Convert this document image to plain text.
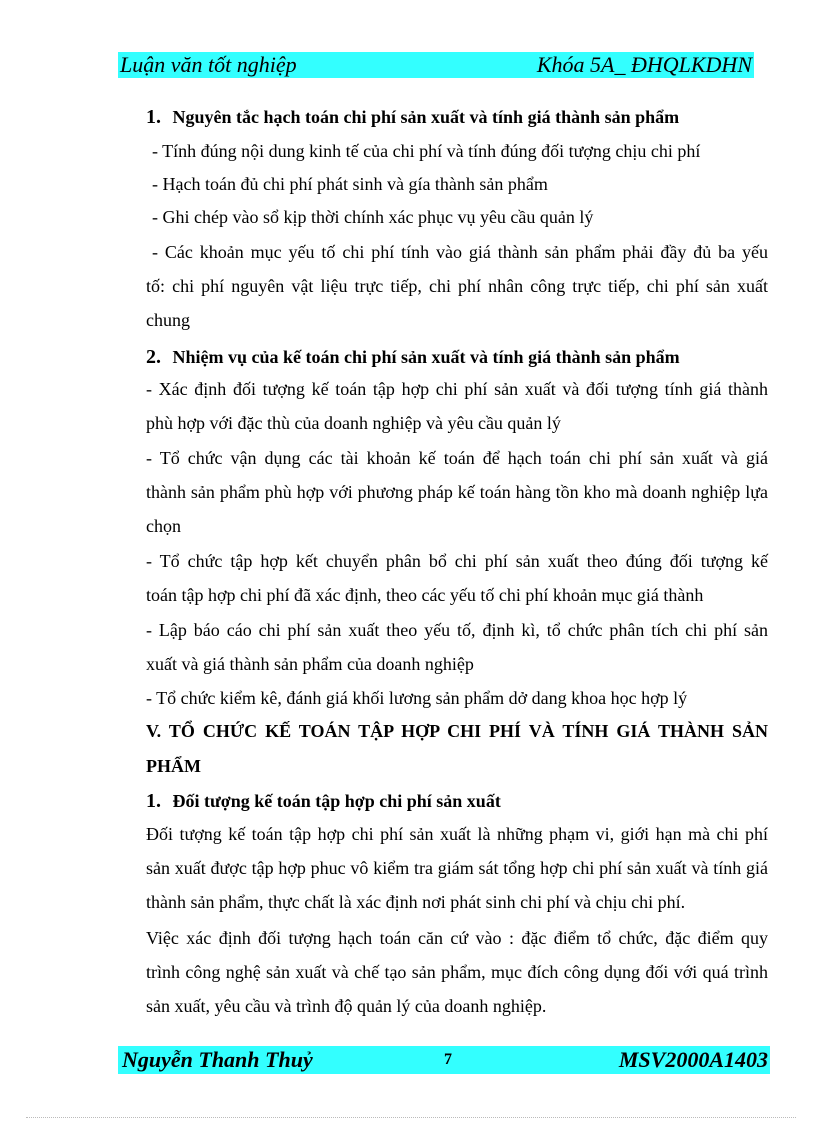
Luận văn tốt nghiệp	Khóa 5A_ ĐHQLKDHN
1. Nguyên tắc hạch toán chi phí sản xuất và tính giá thành sản phẩm
- Tính đúng nội dung kinh tế của chi phí và tính đúng đối tượng chịu chi phí
- Hạch toán đủ chi phí phát sinh và gía thành sản phẩm
- Ghi chép vào sổ kịp thời chính xác phục vụ yêu cầu quản lý
- Các khoản mục yếu tố chi phí tính vào giá thành sản phẩm phải đầy đủ ba yếu
tố: chi phí nguyên vật liệu trực tiếp, chi phí nhân công trực tiếp, chi phí sản xuất
chung
2. Nhiệm vụ của kế toán chi phí sản xuất và tính giá thành sản phẩm
- Xác định đối tượng kế toán tập hợp chi phí sản xuất và đối tượng tính giá thành
phù hợp với đặc thù của doanh nghiệp và yêu cầu quản lý
- Tổ chức vận dụng các tài khoản kế toán để hạch toán chi phí sản xuất và giá
thành sản phẩm phù hợp với phương pháp kế toán hàng tồn kho mà doanh nghiệp lựa
chọn
- Tổ chức tập hợp kết chuyển phân bổ chi phí sản xuất theo đúng đối tượng kế
toán tập hợp chi phí đã xác định, theo các yếu tố chi phí khoản mục giá thành
- Lập báo cáo chi phí sản xuất theo yếu tố, định kì, tổ chức phân tích chi phí sản
xuất và giá thành sản phẩm của doanh nghiệp
- Tổ chức kiểm kê, đánh giá khối lương sản phẩm dở dang khoa học hợp lý
V. TỔ CHỨC KẾ TOÁN TẬP HỢP CHI PHÍ VÀ TÍNH GIÁ THÀNH SẢN
PHẨM
1. Đối tượng kế toán tập hợp chi phí sản xuất
Đối tượng kế toán tập hợp chi phí sản xuất là những phạm vi, giới hạn mà chi phí
sản xuất được tập hợp phuc vô kiểm tra giám sát tổng hợp chi phí sản xuất và tính giá
thành sản phẩm, thực chất là xác định nơi phát sinh chi phí và chịu chi phí.
Việc xác định đối tượng hạch toán căn cứ vào : đặc điểm tổ chức, đặc điểm quy
trình công nghệ sản xuất và chế tạo sản phẩm, mục đích công dụng đối với quá trình
sản xuất, yêu cầu và trình độ quản lý của doanh nghiệp.
Nguyễn Thanh Thuỷ	7	MSV2000A1403
